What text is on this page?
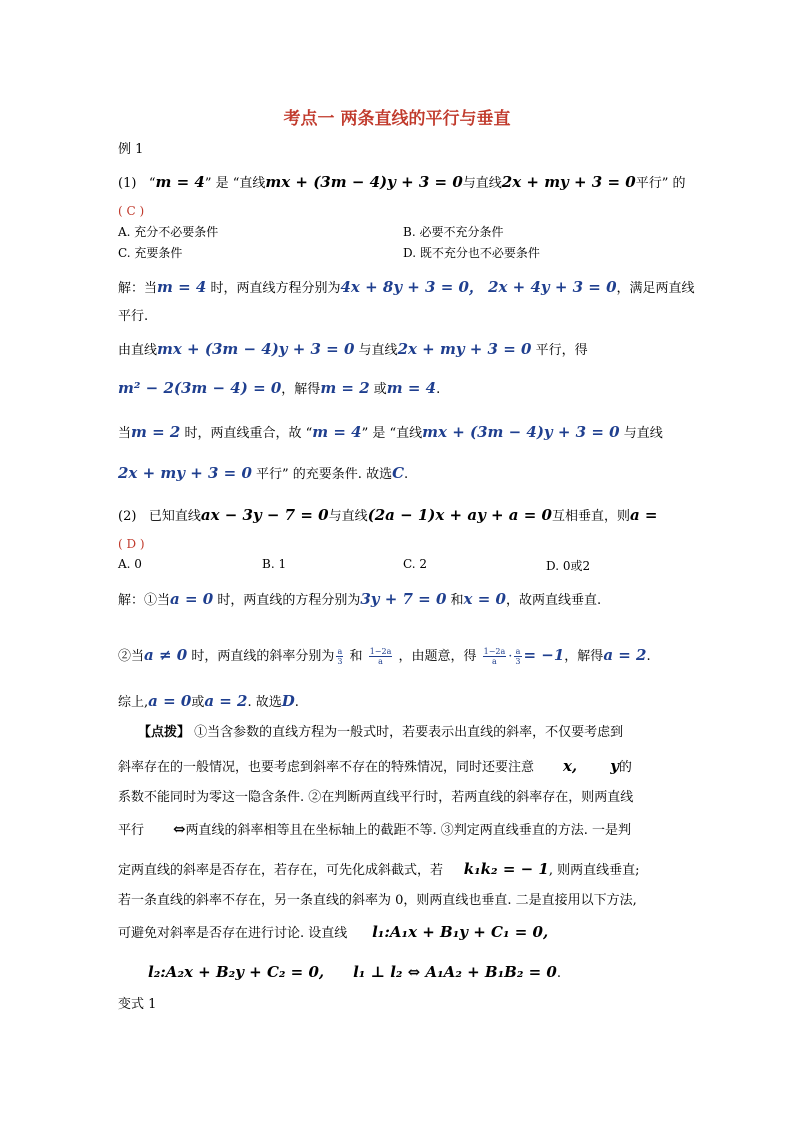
考点一 两条直线的平行与垂直
例 1
(1) “m = 4” 是 “直线mx + (3m − 4)y + 3 = 0与直线2x + my + 3 = 0平行” 的
( C )
A. 充分不必要条件	B. 必要不充分条件
C. 充要条件	D. 既不充分也不必要条件
解：当m = 4 时，两直线方程分别为4x + 8y + 3 = 0， 2x + 4y + 3 = 0，满足两直线
平行.
由直线mx + (3m − 4)y + 3 = 0 与直线2x + my + 3 = 0 平行，得
m² − 2(3m − 4) = 0，解得m = 2 或m = 4.
当m = 2 时，两直线重合，故 “m = 4” 是 “直线mx + (3m − 4)y + 3 = 0 与直线
2x + my + 3 = 0 平行” 的充要条件. 故选C.
(2) 已知直线ax − 3y − 7 = 0与直线(2a − 1)x + ay + a = 0互相垂直，则a =
( D )
A. 0	B. 1	C. 2	D. 0或2
解：①当a = 0 时，两直线的方程分别为3y + 7 = 0 和x = 0，故两直线垂直.
②当a ≠ 0 时，两直线的斜率分别为 $\frac{a}{3}$ 和 $\frac{1-2a}{a}$ ，由题意，得 $\frac{1-2a}{a} \cdot \frac{a}{3} = -1$，解得a = 2.
综上,a = 0或a = 2. 故选D.
【点拨】 ①当含参数的直线方程为一般式时，若要表示出直线的斜率，不仅要考虑到
斜率存在的一般情况，也要考虑到斜率不存在的特殊情况，同时还要注意 x, y的
系数不能同时为零这一隐含条件. ②在判断两直线平行时，若两直线的斜率存在，则两直线
平行 ⇔两直线的斜率相等且在坐标轴上的截距不等. ③判定两直线垂直的方法. 一是判
定两直线的斜率是否存在，若存在，可先化成斜截式，若 k₁k₂ = − 1, 则两直线垂直;
若一条直线的斜率不存在，另一条直线的斜率为 0，则两直线也垂直. 二是直接用以下方法,
可避免对斜率是否存在进行讨论. 设直线 l₁:A₁x + B₁y + C₁ = 0,
l₂:A₂x + B₂y + C₂ = 0, l₁ ⊥ l₂ ⇔ A₁A₂ + B₁B₂ = 0.
变式 1
